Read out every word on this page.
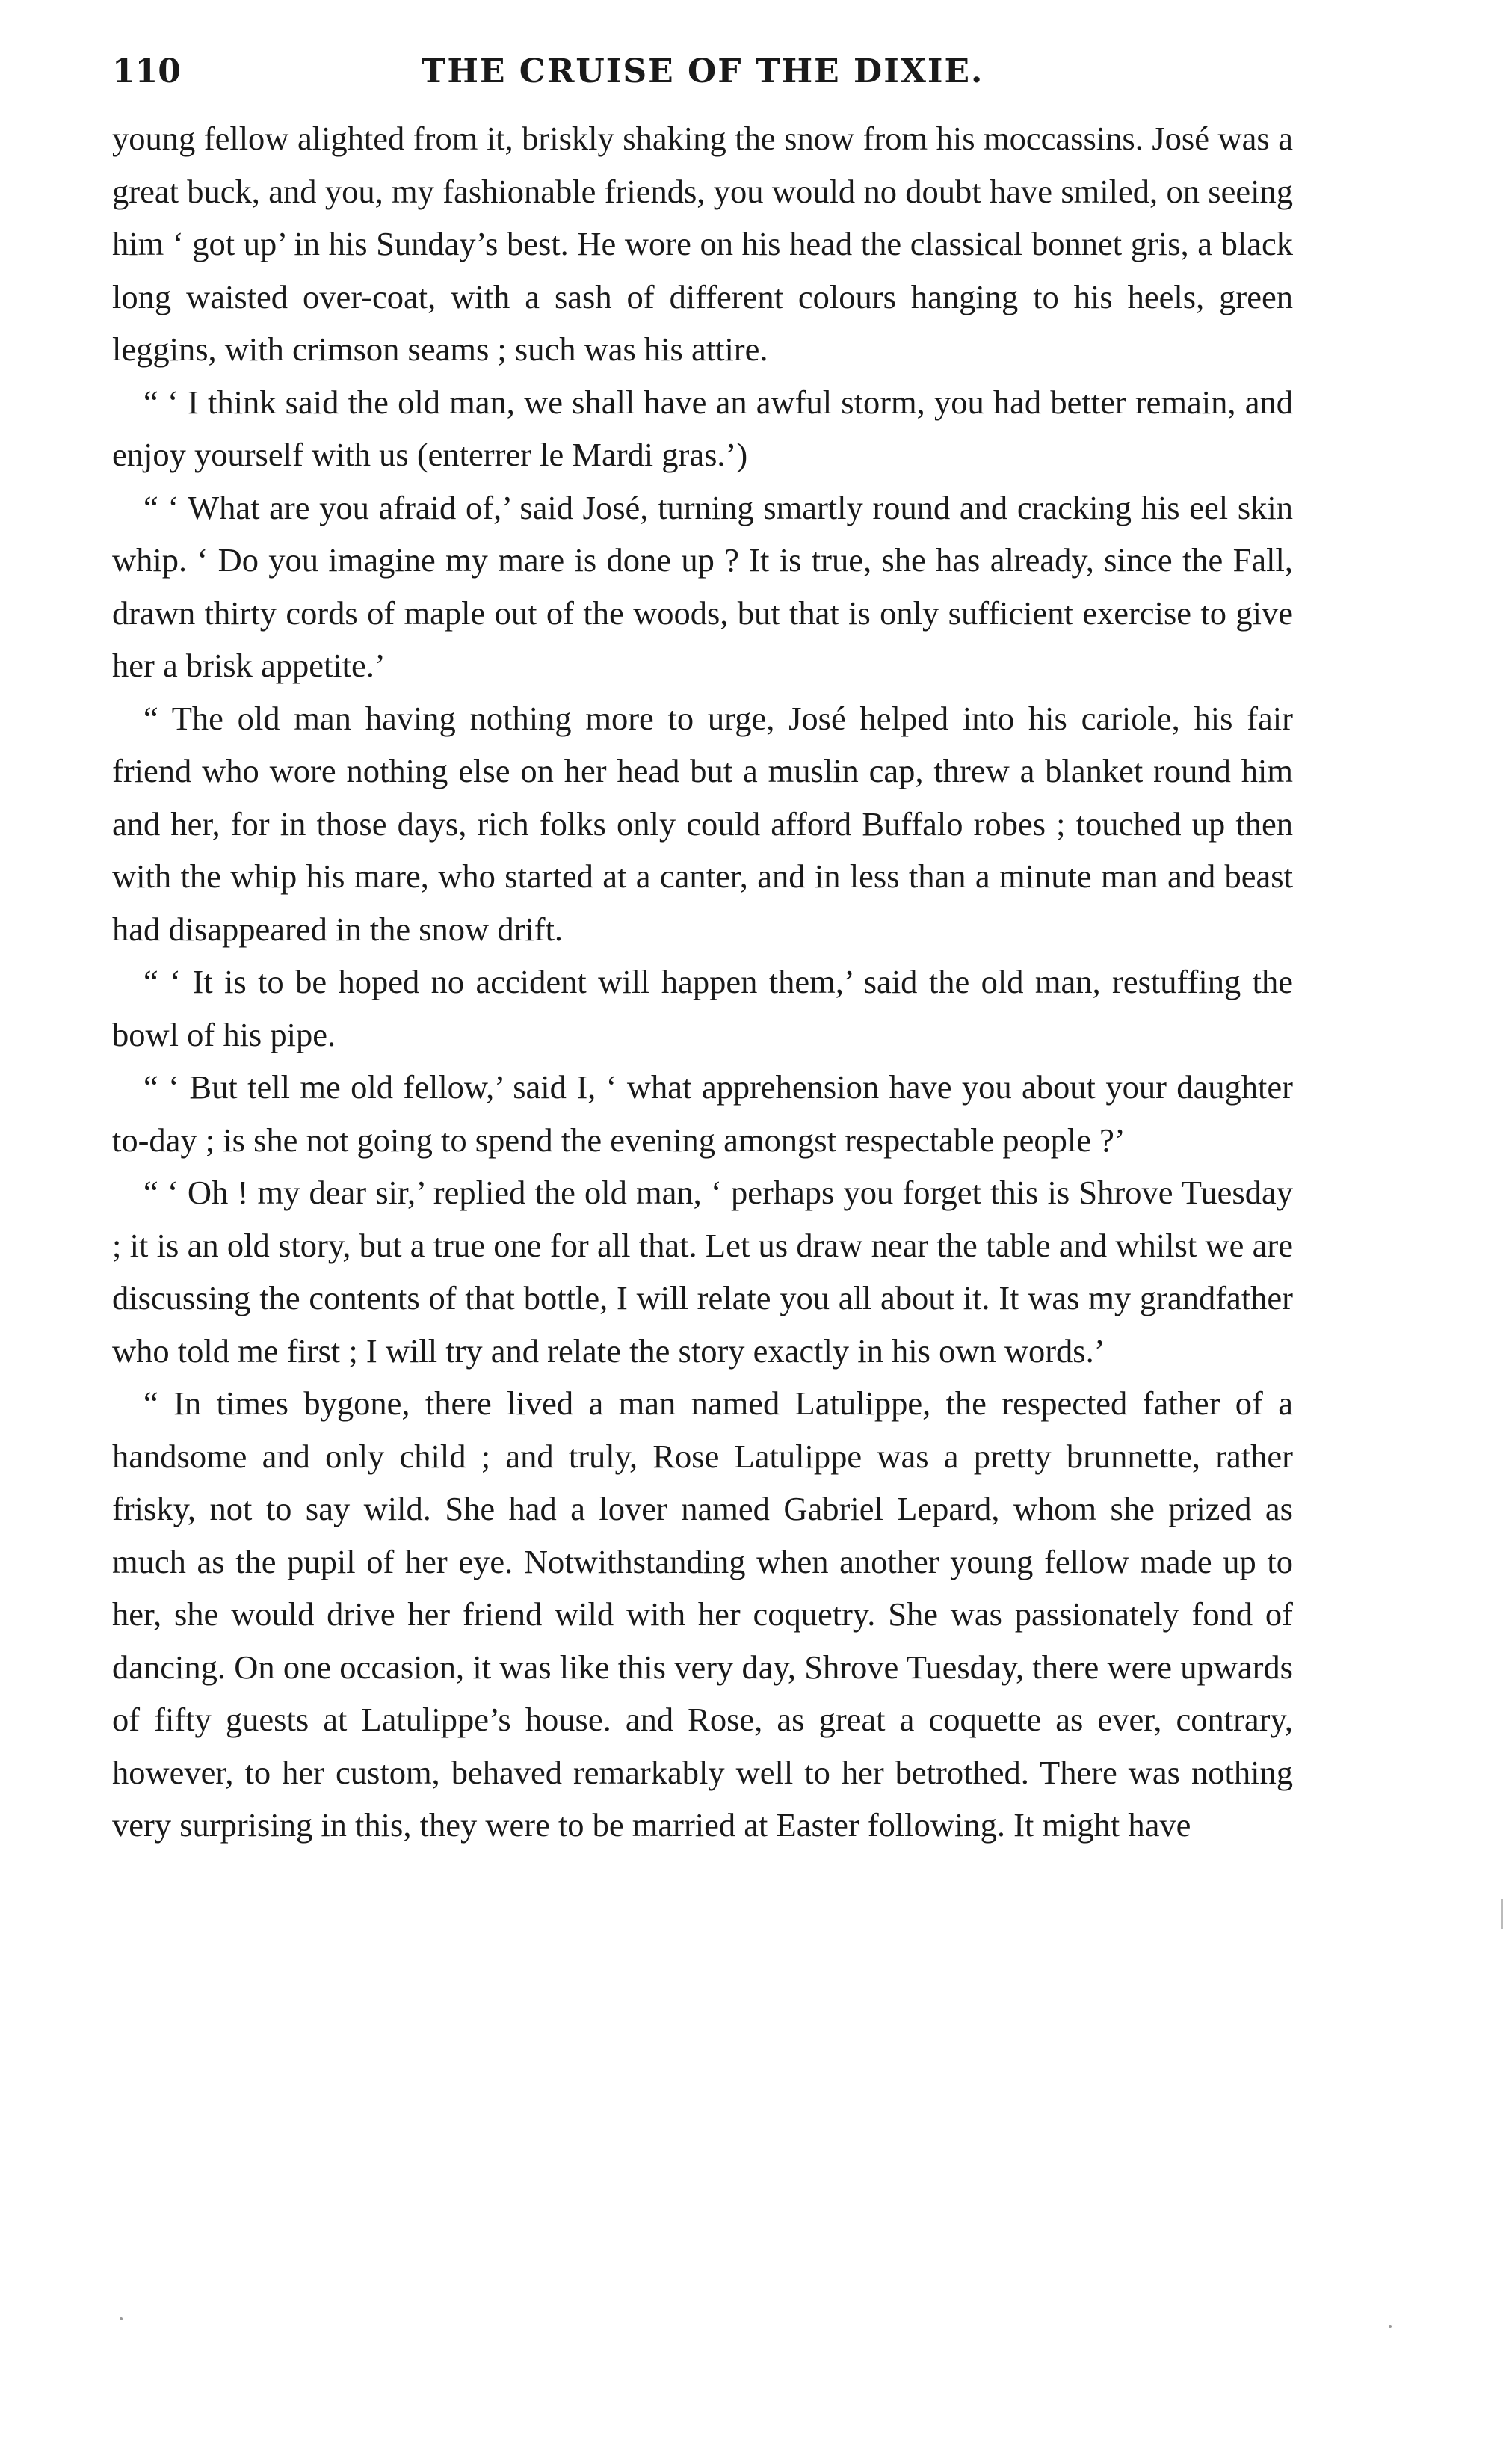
110	THE CRUISE OF THE DIXIE.

young fellow alighted from it, briskly shaking the snow from his moccassins. José was a great buck, and you, my fashionable friends, you would no doubt have smiled, on seeing him ‘ got up’ in his Sunday’s best. He wore on his head the classical bonnet gris, a black long waisted over-coat, with a sash of different colours hanging to his heels, green leggins, with crimson seams ; such was his attire.

“ ‘ I think said the old man, we shall have an awful storm, you had better remain, and enjoy yourself with us (enterrer le Mardi gras.’)

“ ‘ What are you afraid of,’ said José, turning smartly round and cracking his eel skin whip. ‘ Do you imagine my mare is done up ? It is true, she has already, since the Fall, drawn thirty cords of maple out of the woods, but that is only sufficient exercise to give her a brisk appetite.’

“ The old man having nothing more to urge, José helped into his cariole, his fair friend who wore nothing else on her head but a muslin cap, threw a blanket round him and her, for in those days, rich folks only could afford Buffalo robes ; touched up then with the whip his mare, who started at a canter, and in less than a minute man and beast had disappeared in the snow drift.

“ ‘ It is to be hoped no accident will happen them,’ said the old man, restuffing the bowl of his pipe.

“ ‘ But tell me old fellow,’ said I, ‘ what apprehension have you about your daughter to-day ; is she not going to spend the evening amongst respectable people ?’

“ ‘ Oh ! my dear sir,’ replied the old man, ‘ perhaps you forget this is Shrove Tuesday ; it is an old story, but a true one for all that. Let us draw near the table and whilst we are discussing the contents of that bottle, I will relate you all about it. It was my grandfather who told me first ; I will try and relate the story exactly in his own words.’

“ In times bygone, there lived a man named Latulippe, the respected father of a handsome and only child ; and truly, Rose Latulippe was a pretty brunnette, rather frisky, not to say wild. She had a lover named Gabriel Lepard, whom she prized as much as the pupil of her eye. Notwithstanding when another young fellow made up to her, she would drive her friend wild with her coquetry. She was passionately fond of dancing. On one occasion, it was like this very day, Shrove Tuesday, there were upwards of fifty guests at Latulippe’s house. and Rose, as great a coquette as ever, contrary, however, to her custom, behaved remarkably well to her betrothed. There was nothing very surprising in this, they were to be married at Easter following. It might have
